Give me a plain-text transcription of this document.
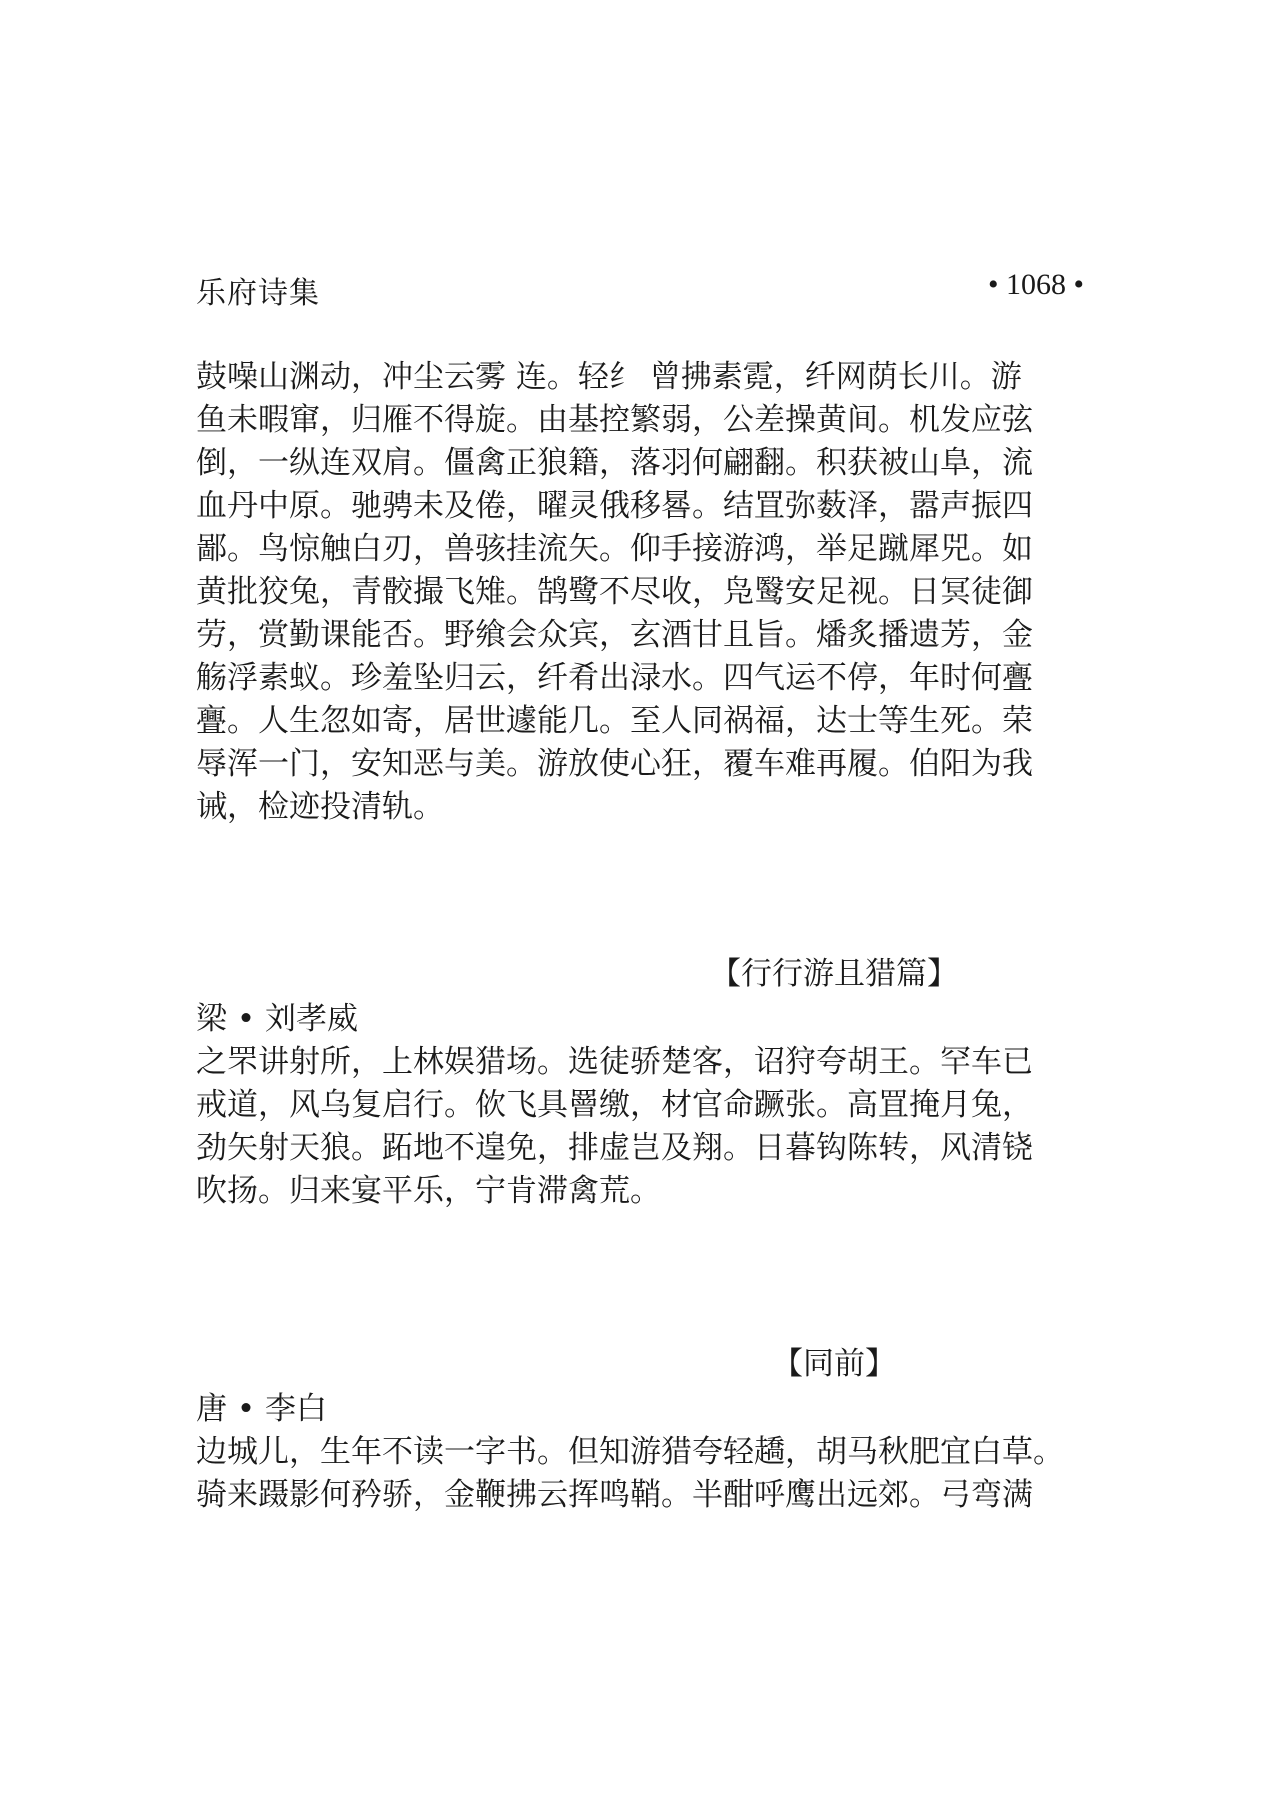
乐府诗集	• 1068 •
鼓噪山渊动，冲尘云雾 连。轻纟 曾拂素霓，纤网荫长川。游
鱼未暇窜，归雁不得旋。由基控繁弱，公差操黄间。机发应弦
倒，一纵连双肩。僵禽正狼籍，落羽何翩翻。积获被山阜，流
血丹中原。驰骋未及倦，曜灵俄移晷。结罝弥薮泽，嚣声振四
鄙。鸟惊触白刃，兽骇挂流矢。仰手接游鸿，举足蹴犀兕。如
黄批狡兔，青骹撮飞雉。鹄鹭不尽收，凫鹥安足视。日冥徒御
劳，赏勤课能否。野飨会众宾，玄酒甘且旨。燔炙播遗芳，金
觞浮素蚁。珍羞坠归云，纤肴出渌水。四气运不停，年时何亹
亹。人生忽如寄，居世遽能几。至人同祸福，达士等生死。荣
辱浑一门，安知恶与美。游放使心狂，覆车难再履。伯阳为我
诫，检迹投清轨。
【行行游且猎篇】
梁 • 刘孝威
之罘讲射所，上林娱猎场。选徒骄楚客，诏狩夸胡王。罕车已
戒道，风乌复启行。佽飞具罾缴，材官命蹶张。高罝掩月兔，
劲矢射天狼。跖地不遑免，排虚岂及翔。日暮钩陈转，风清铙
吹扬。归来宴平乐，宁肯滞禽荒。
【同前】
唐 • 李白
边城儿，生年不读一字书。但知游猎夸轻趫，胡马秋肥宜白草。
骑来蹑影何矜骄，金鞭拂云挥鸣鞘。半酣呼鹰出远郊。弓弯满
